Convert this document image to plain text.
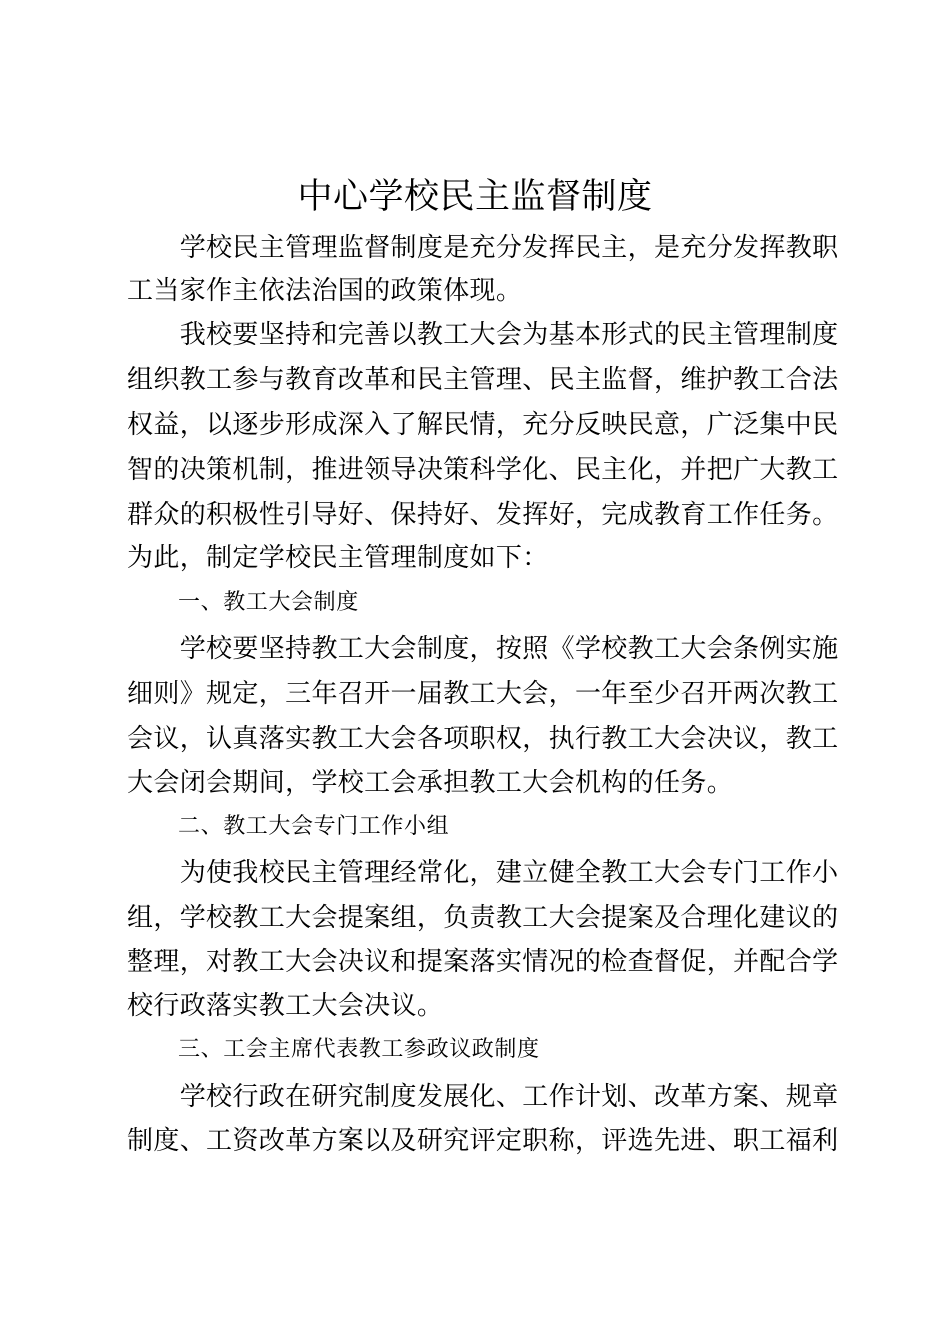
中心学校民主监督制度
　　学校民主管理监督制度是充分发挥民主，是充分发挥教职
工当家作主依法治国的政策体现。
　　我校要坚持和完善以教工大会为基本形式的民主管理制度
组织教工参与教育改革和民主管理、民主监督，维护教工合法
权益，以逐步形成深入了解民情，充分反映民意，广泛集中民
智的决策机制，推进领导决策科学化、民主化，并把广大教工
群众的积极性引导好、保持好、发挥好，完成教育工作任务。
为此，制定学校民主管理制度如下：
一、教工大会制度
　　学校要坚持教工大会制度，按照《学校教工大会条例实施
细则》规定，三年召开一届教工大会，一年至少召开两次教工
会议，认真落实教工大会各项职权，执行教工大会决议，教工
大会闭会期间，学校工会承担教工大会机构的任务。
二、教工大会专门工作小组
　　为使我校民主管理经常化，建立健全教工大会专门工作小
组，学校教工大会提案组，负责教工大会提案及合理化建议的
整理，对教工大会决议和提案落实情况的检查督促，并配合学
校行政落实教工大会决议。
三、工会主席代表教工参政议政制度
　　学校行政在研究制度发展化、工作计划、改革方案、规章
制度、工资改革方案以及研究评定职称，评选先进、职工福利
